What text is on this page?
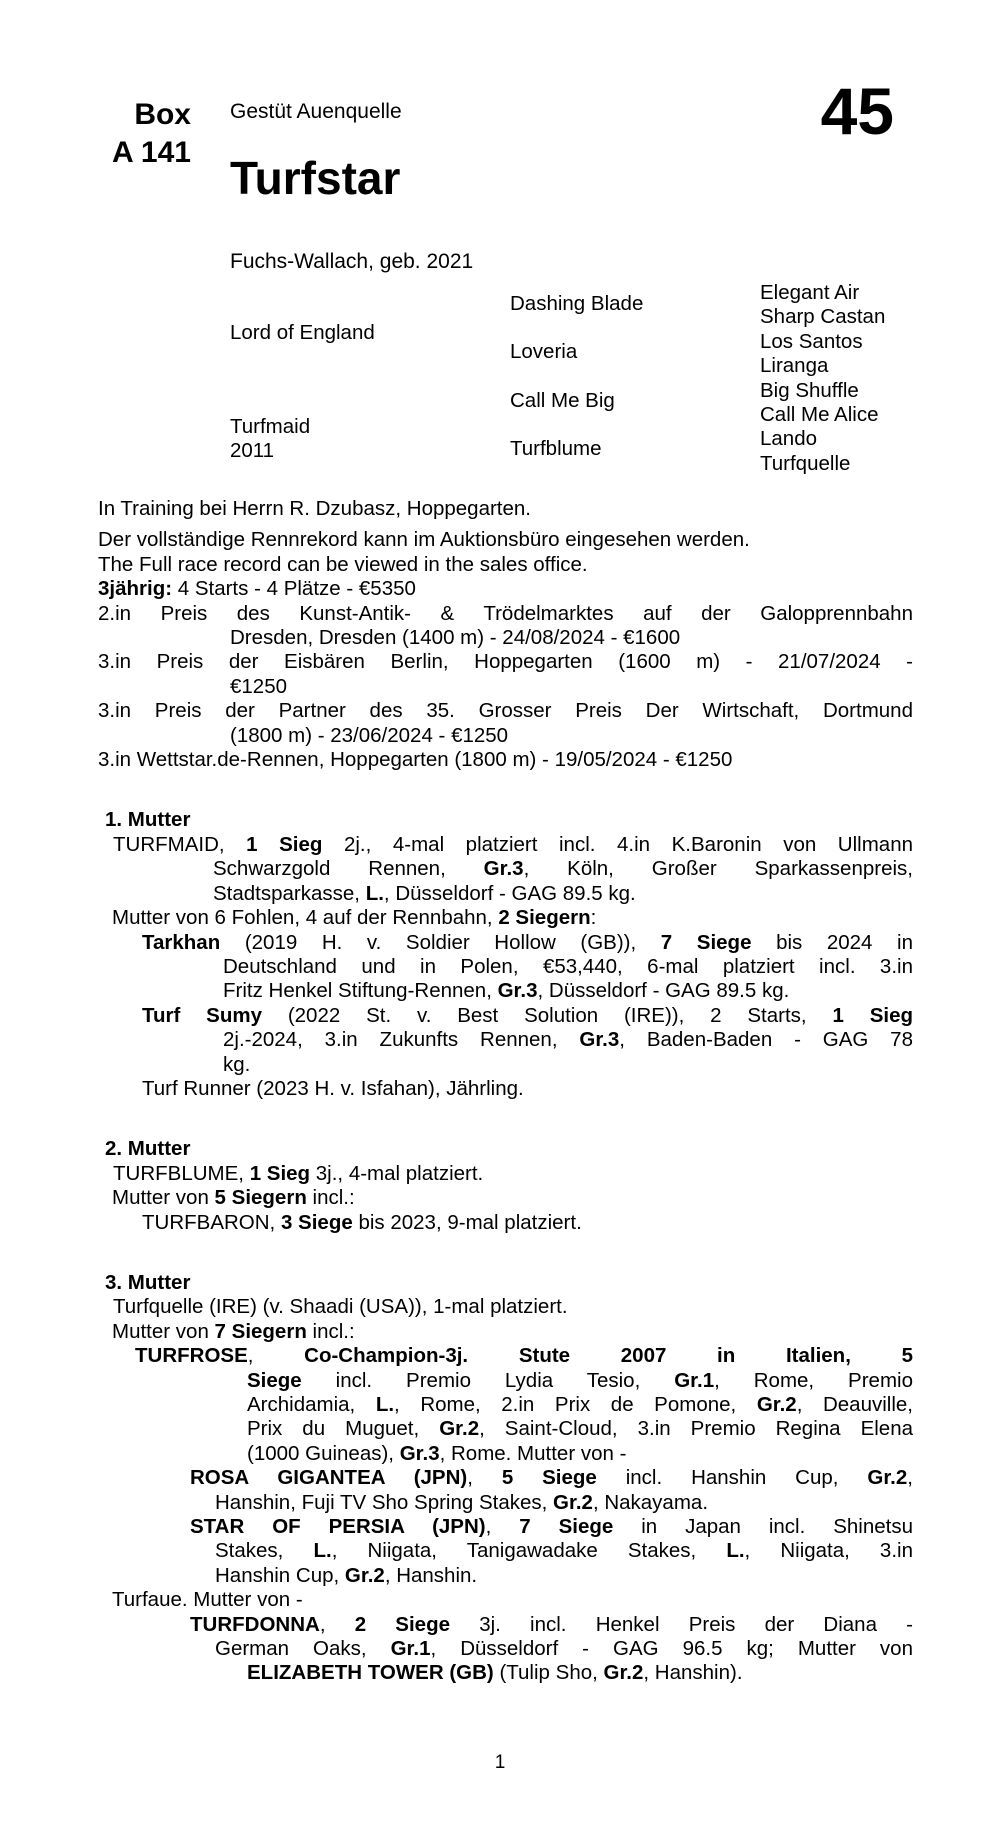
Box
A 141
Gestüt Auenquelle	45
Turfstar
Fuchs-Wallach, geb. 2021
Lord of England
Turfmaid
2011
Dashing Blade
Loveria
Call Me Big
Turfblume
Elegant Air
Sharp Castan
Los Santos
Liranga
Big Shuffle
Call Me Alice
Lando
Turfquelle
In Training bei Herrn R. Dzubasz, Hoppegarten.
Der vollständige Rennrekord kann im Auktionsbüro eingesehen werden.
The Full race record can be viewed in the sales office.
3jährig: 4 Starts - 4 Plätze - €5350
2.in Preis des Kunst-Antik- & Trödelmarktes auf der Galopprennbahn
Dresden, Dresden (1400 m) - 24/08/2024 - €1600
3.in Preis der Eisbären Berlin, Hoppegarten (1600 m) - 21/07/2024 -
€1250
3.in Preis der Partner des 35. Grosser Preis Der Wirtschaft, Dortmund
(1800 m) - 23/06/2024 - €1250
3.in Wettstar.de-Rennen, Hoppegarten (1800 m) - 19/05/2024 - €1250
1. Mutter
TURFMAID, 1 Sieg 2j., 4-mal platziert incl. 4.in K.Baronin von Ullmann
Schwarzgold Rennen, Gr.3, Köln, Großer Sparkassenpreis,
Stadtsparkasse, L., Düsseldorf - GAG 89.5 kg.
Mutter von 6 Fohlen, 4 auf der Rennbahn, 2 Siegern:
Tarkhan (2019 H. v. Soldier Hollow (GB)), 7 Siege bis 2024 in
Deutschland und in Polen, €53,440, 6-mal platziert incl. 3.in
Fritz Henkel Stiftung-Rennen, Gr.3, Düsseldorf - GAG 89.5 kg.
Turf Sumy (2022 St. v. Best Solution (IRE)), 2 Starts, 1 Sieg
2j.-2024, 3.in Zukunfts Rennen, Gr.3, Baden-Baden - GAG 78
kg.
Turf Runner (2023 H. v. Isfahan), Jährling.
2. Mutter
TURFBLUME, 1 Sieg 3j., 4-mal platziert.
Mutter von 5 Siegern incl.:
TURFBARON, 3 Siege bis 2023, 9-mal platziert.
3. Mutter
Turfquelle (IRE) (v. Shaadi (USA)), 1-mal platziert.
Mutter von 7 Siegern incl.:
TURFROSE, Co-Champion-3j. Stute 2007 in Italien, 5
Siege incl. Premio Lydia Tesio, Gr.1, Rome, Premio
Archidamia, L., Rome, 2.in Prix de Pomone, Gr.2, Deauville,
Prix du Muguet, Gr.2, Saint-Cloud, 3.in Premio Regina Elena
(1000 Guineas), Gr.3, Rome. Mutter von -
ROSA GIGANTEA (JPN), 5 Siege incl. Hanshin Cup, Gr.2,
Hanshin, Fuji TV Sho Spring Stakes, Gr.2, Nakayama.
STAR OF PERSIA (JPN), 7 Siege in Japan incl. Shinetsu
Stakes, L., Niigata, Tanigawadake Stakes, L., Niigata, 3.in
Hanshin Cup, Gr.2, Hanshin.
Turfaue. Mutter von -
TURFDONNA, 2 Siege 3j. incl. Henkel Preis der Diana -
German Oaks, Gr.1, Düsseldorf - GAG 96.5 kg; Mutter von
ELIZABETH TOWER (GB) (Tulip Sho, Gr.2, Hanshin).
1
